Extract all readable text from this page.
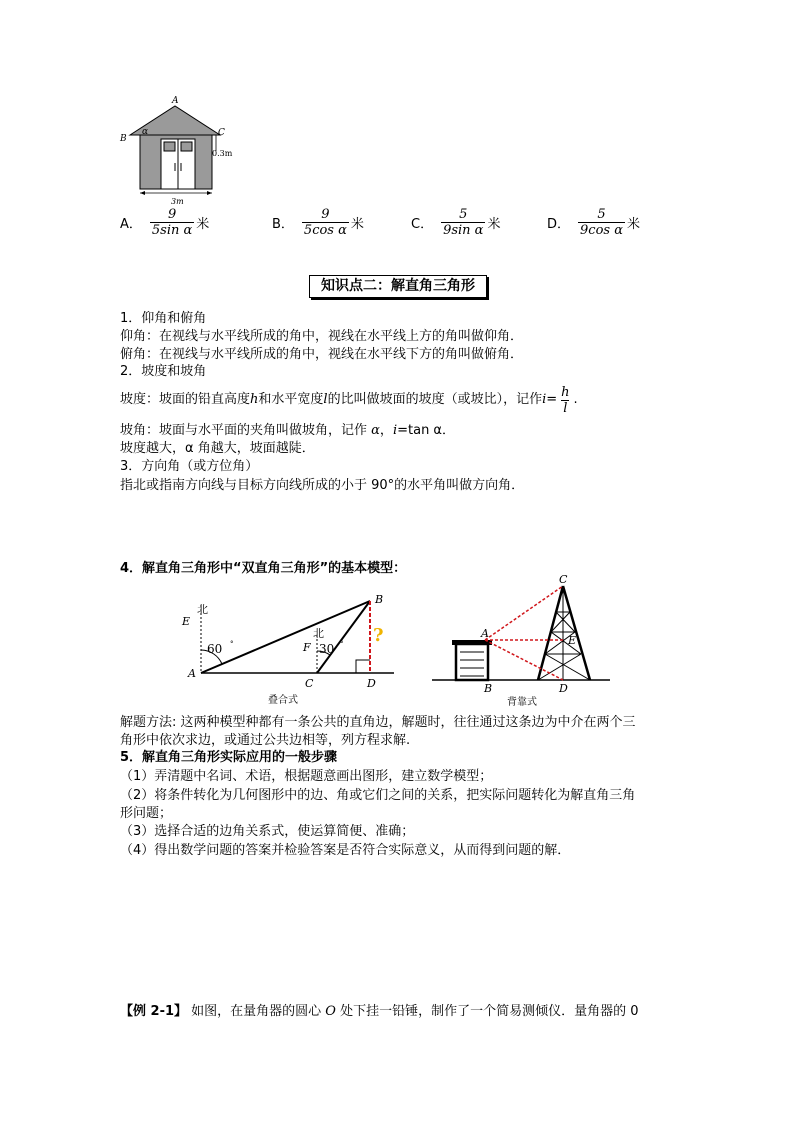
A
B
α	C
0.3m
3m
A． $\frac{9}{\text{5sin α}}$ 米	B． $\frac{9}{\text{5cos α}}$ 米	C． $\frac{5}{\text{9sin α}}$ 米	D． $\frac{5}{\text{9cos α}}$ 米
知识点二：解直角三角形
1．仰角和俯角
仰角：在视线与水平线所成的角中，视线在水平线上方的角叫做仰角．
俯角：在视线与水平线所成的角中，视线在水平线下方的角叫做俯角．
2．坡度和坡角
坡度：坡面的铅直高度 h 和水平宽度 l 的比叫做坡面的坡度（或坡比），记作 $i = \frac{h}{l}$ .
坡角：坡面与水平面的夹角叫做坡角，记作 α，i=tan α．
坡度越大，α 角越大，坡面越陡．
3．方向角（或方位角）
指北或指南方向线与目标方向线所成的小于 90°的水平角叫做方向角．
4．解直角三角形中“双直角三角形”的基本模型：
北
E
60 °
A
北
F 30 °
B
?
C	D
叠合式
C
A
E
B	D
背靠式
解题方法: 这两种模型种都有一条公共的直角边，解题时，往往通过这条边为中介在两个三
角形中依次求边，或通过公共边相等，列方程求解.
5．解直角三角形实际应用的一般步骤
（1）弄清题中名词、术语，根据题意画出图形，建立数学模型；
（2）将条件转化为几何图形中的边、角或它们之间的关系，把实际问题转化为解直角三角
形问题；
（3）选择合适的边角关系式，使运算简便、准确；
（4）得出数学问题的答案并检验答案是否符合实际意义，从而得到问题的解．
【例 2-1】 如图，在量角器的圆心 O 处下挂一铅锤，制作了一个简易测倾仪．量角器的 0
